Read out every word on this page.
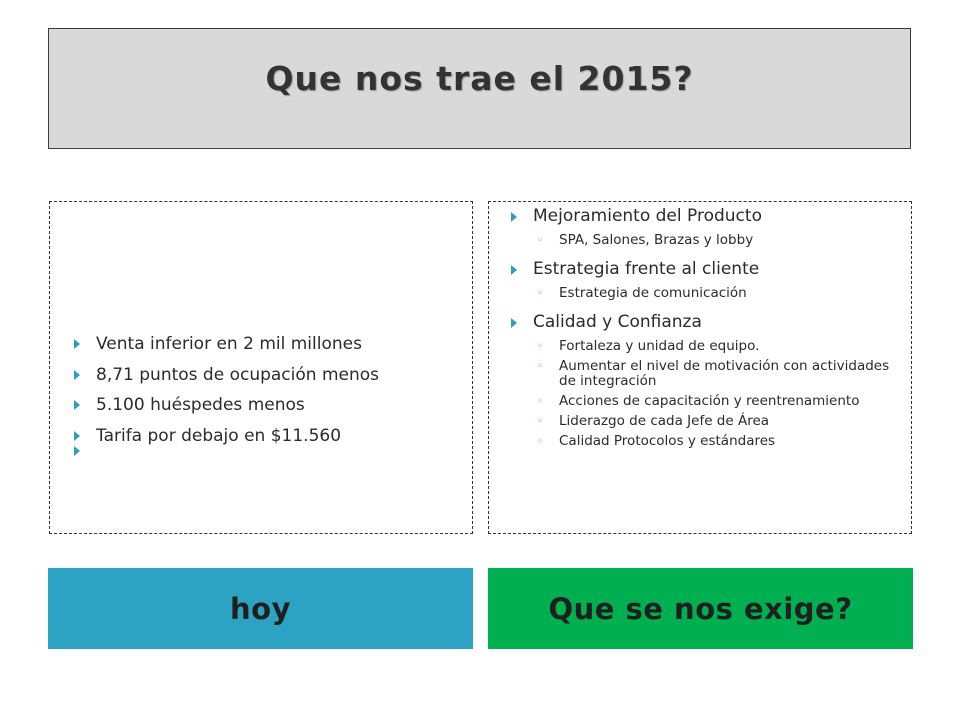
Que nos trae el 2015?
Venta inferior en 2 mil millones
8,71 puntos de ocupación menos
5.100 huéspedes menos
Tarifa por debajo en $11.560
Mejoramiento del Producto
◦ SPA, Salones, Brazas y lobby
Estrategia frente al cliente
◦ Estrategia de comunicación
Calidad y Confianza
◦ Fortaleza y unidad de equipo.
◦ Aumentar el nivel de motivación con actividades de integración
◦ Acciones de capacitación y reentrenamiento
◦ Liderazgo de cada Jefe de Área
◦ Calidad Protocolos y estándares
hoy	Que se nos exige?
